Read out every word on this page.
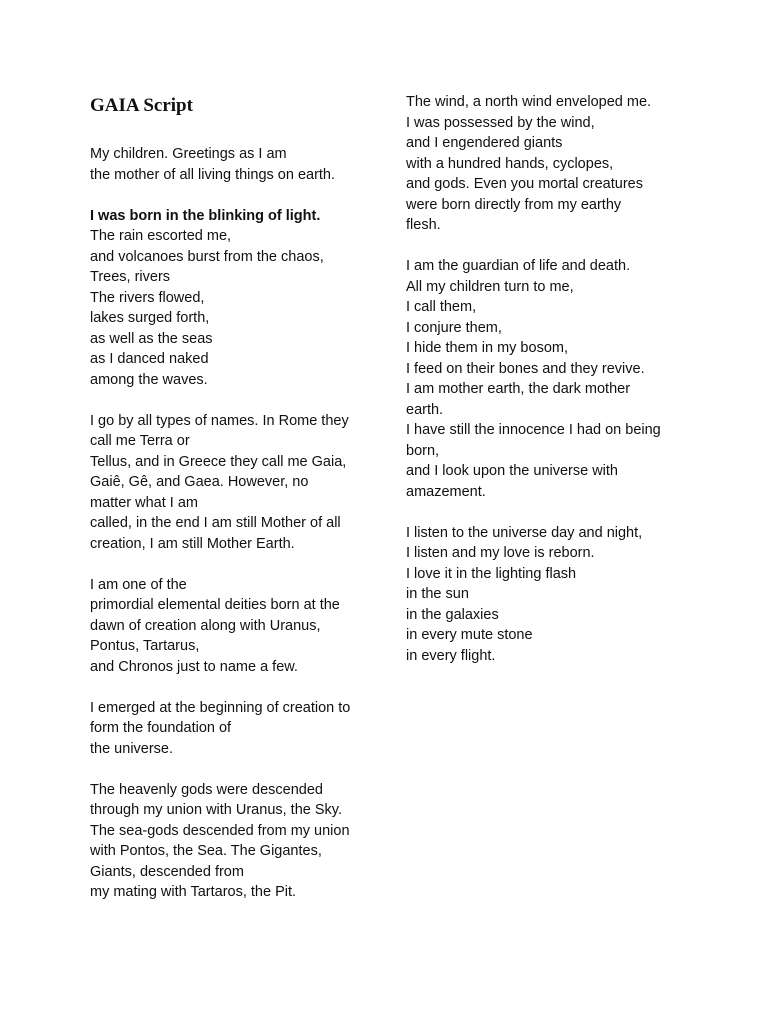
GAIA Script
My children. Greetings as I am
the mother of all living things on earth.
I was born in the blinking of light.
The rain escorted me,
and volcanoes burst from the chaos,
Trees, rivers
The rivers flowed,
lakes surged forth,
as well as the seas
as I danced naked
among the waves.
I go by all types of names. In Rome they
call me Terra or
Tellus, and in Greece they call me Gaia,
Gaiê, Gê, and Gaea. However, no
matter what I am
called, in the end I am still Mother of all
creation, I am still Mother Earth.
I am one of the
primordial elemental deities born at the
dawn of creation along with Uranus,
Pontus, Tartarus,
and Chronos just to name a few.
I emerged at the beginning of creation to
form the foundation of
the universe.
The heavenly gods were descended
through my union with Uranus, the Sky.
The sea-gods descended from my union
with Pontos, the Sea. The Gigantes,
Giants, descended from
my mating with Tartaros, the Pit.
The wind, a north wind enveloped me.
I was possessed by the wind,
and I engendered giants
with a hundred hands, cyclopes,
and gods. Even you mortal creatures
were born directly from my earthy
flesh.
I am the guardian of life and death.
All my children turn to me,
I call them,
I conjure them,
I hide them in my bosom,
I feed on their bones and they revive.
I am mother earth, the dark mother
earth.
I have still the innocence I had on being
born,
and I look upon the universe with
amazement.
I listen to the universe day and night,
I listen and my love is reborn.
I love it in the lighting flash
in the sun
in the galaxies
in every mute stone
in every flight.
